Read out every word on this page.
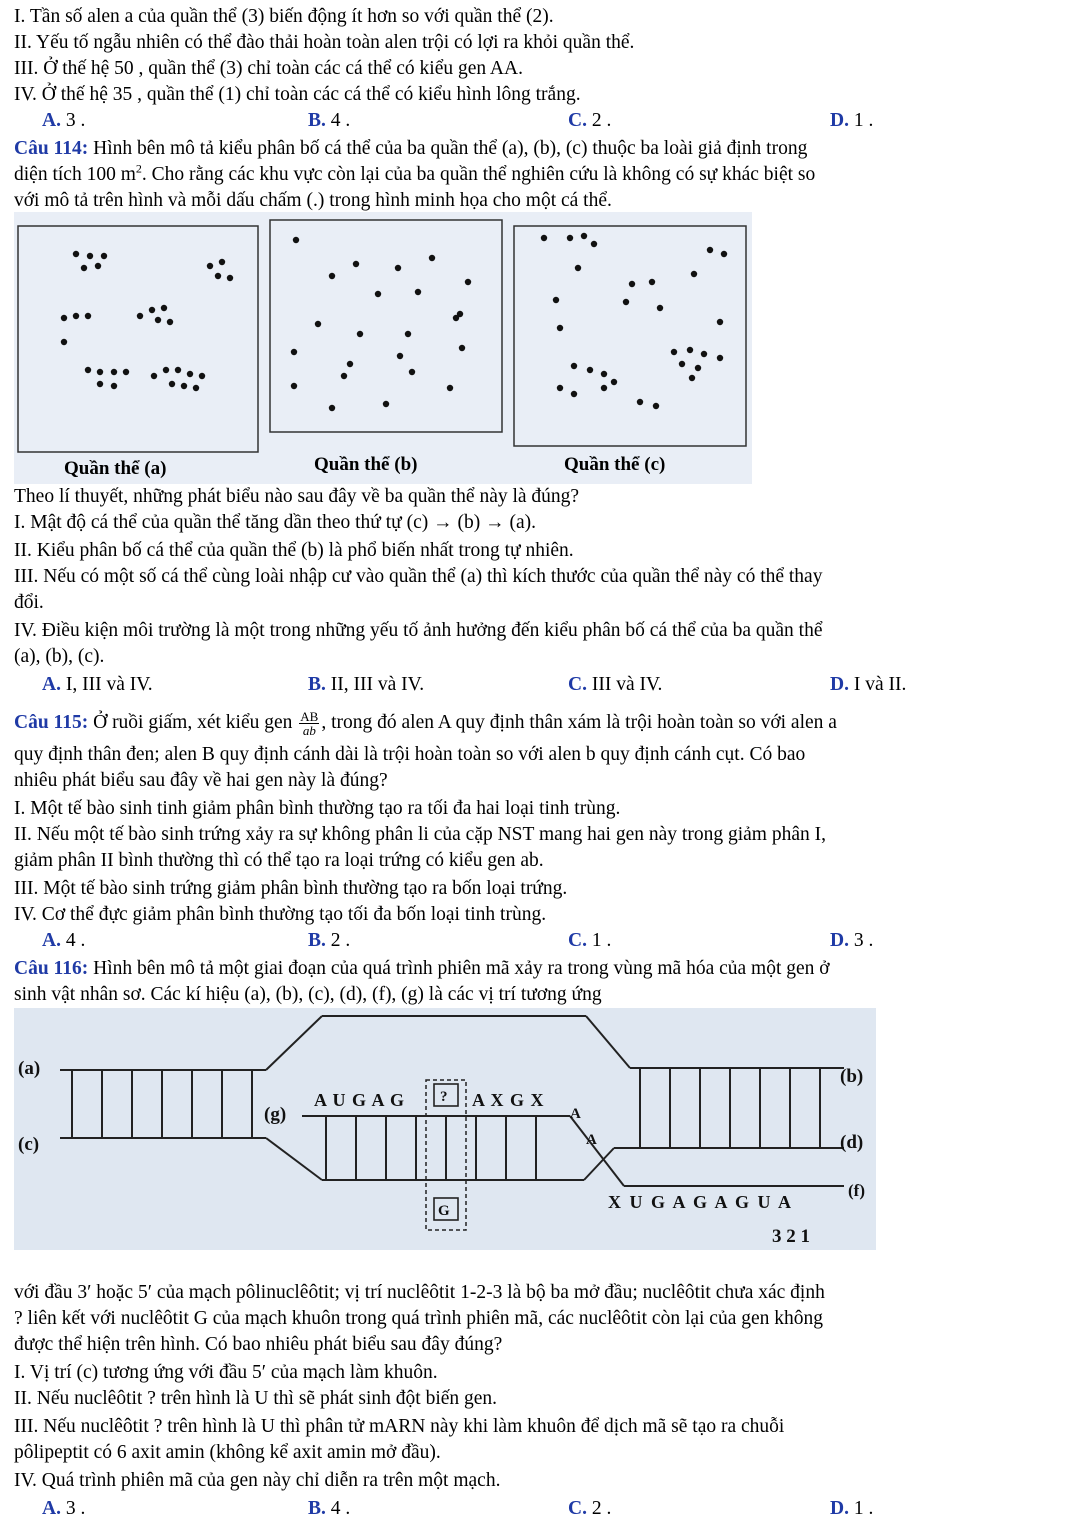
I. Tần số alen a của quần thể (3) biến động ít hơn so với quần thể (2).
II. Yếu tố ngẫu nhiên có thể đào thải hoàn toàn alen trội có lợi ra khỏi quần thể.
III. Ở thế hệ 50 , quần thể (3) chỉ toàn các cá thể có kiểu gen AA.
IV. Ở thế hệ 35 , quần thể (1) chỉ toàn các cá thể có kiểu hình lông trắng.
A. 3 .	B. 4 .	C. 2 .	D. 1 .
Câu 114: Hình bên mô tả kiểu phân bố cá thể của ba quần thể (a), (b), (c) thuộc ba loài giả định trong
diện tích 100 $m^2$. Cho rằng các khu vực còn lại của ba quần thể nghiên cứu là không có sự khác biệt so
với mô tả trên hình và mỗi dấu chấm (.) trong hình minh họa cho một cá thể.
Quần thể (a)	Quần thể (b)	Quần thể (c)
Theo lí thuyết, những phát biểu nào sau đây về ba quần thể này là đúng?
I. Mật độ cá thể của quần thể tăng dần theo thứ tự (c) → (b) → (a).
II. Kiểu phân bố cá thể của quần thể (b) là phổ biến nhất trong tự nhiên.
III. Nếu có một số cá thể cùng loài nhập cư vào quần thể (a) thì kích thước của quần thể này có thể thay
đổi.
IV. Điều kiện môi trường là một trong những yếu tố ảnh hưởng đến kiểu phân bố cá thể của ba quần thể
(a), (b), (c).
A. I, III và IV.	B. II, III và IV.	C. III và IV.	D. I và II.
Câu 115: Ở ruồi giấm, xét kiểu gen $\frac{AB}{ab}$ , trong đó alen A quy định thân xám là trội hoàn toàn so với alen a
quy định thân đen; alen B quy định cánh dài là trội hoàn toàn so với alen b quy định cánh cụt. Có bao
nhiêu phát biểu sau đây về hai gen này là đúng?
I. Một tế bào sinh tinh giảm phân bình thường tạo ra tối đa hai loại tinh trùng.
II. Nếu một tế bào sinh trứng xảy ra sự không phân li của cặp NST mang hai gen này trong giảm phân I,
giảm phân II bình thường thì có thể tạo ra loại trứng có kiểu gen ab.
III. Một tế bào sinh trứng giảm phân bình thường tạo ra bốn loại trứng.
IV. Cơ thể đực giảm phân bình thường tạo tối đa bốn loại tinh trùng.
A. 4 .	B. 2 .	C. 1 .	D. 3 .
Câu 116: Hình bên mô tả một giai đoạn của quá trình phiên mã xảy ra trong vùng mã hóa của một gen ở
sinh vật nhân sơ. Các kí hiệu (a), (b), (c), (d), (f), (g) là các vị trí tương ứng
(a)	(b)
(c)	(d)
(f)
(g)
A U G A G ? A X G X
A
A
X U G A G A G U A
G
3 2 1
với đầu 3′ hoặc 5′ của mạch pôlinuclêôtit; vị trí nuclêôtit 1-2-3 là bộ ba mở đầu; nuclêôtit chưa xác định
? liên kết với nuclêôtit G của mạch khuôn trong quá trình phiên mã, các nuclêôtit còn lại của gen không
được thể hiện trên hình. Có bao nhiêu phát biểu sau đây đúng?
I. Vị trí (c) tương ứng với đầu 5′ của mạch làm khuôn.
II. Nếu nuclêôtit ? trên hình là U thì sẽ phát sinh đột biến gen.
III. Nếu nuclêôtit ? trên hình là U thì phân tử mARN này khi làm khuôn để dịch mã sẽ tạo ra chuỗi
pôlipeptit có 6 axit amin (không kể axit amin mở đầu).
IV. Quá trình phiên mã của gen này chỉ diễn ra trên một mạch.
A. 3 .	B. 4 .	C. 2 .	D. 1 .
